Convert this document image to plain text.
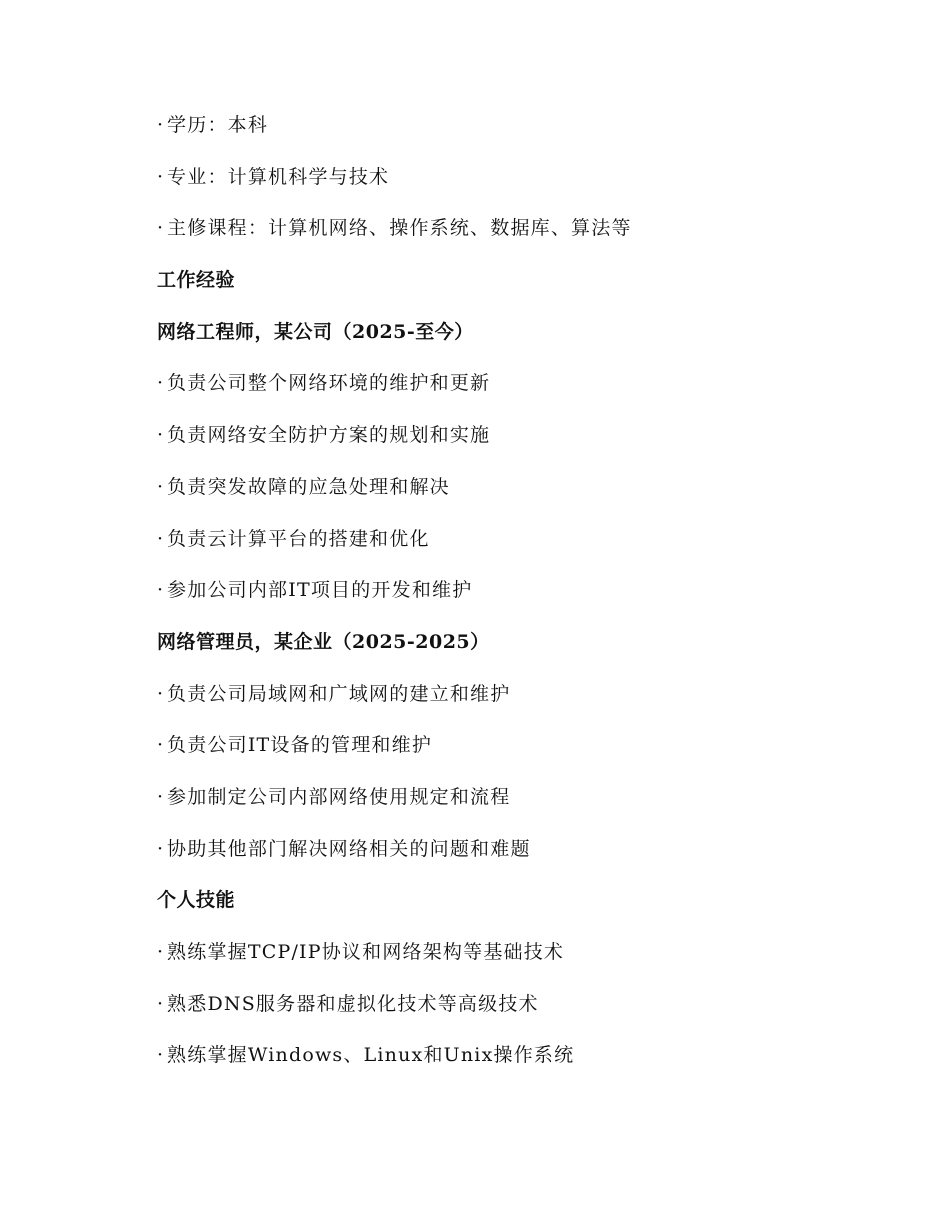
· 学历：本科
· 专业：计算机科学与技术
· 主修课程：计算机网络、操作系统、数据库、算法等
工作经验
网络工程师，某公司（2025-至今）
· 负责公司整个网络环境的维护和更新
· 负责网络安全防护方案的规划和实施
· 负责突发故障的应急处理和解决
· 负责云计算平台的搭建和优化
· 参加公司内部IT项目的开发和维护
网络管理员，某企业（2025-2025）
· 负责公司局域网和广域网的建立和维护
· 负责公司IT设备的管理和维护
· 参加制定公司内部网络使用规定和流程
· 协助其他部门解决网络相关的问题和难题
个人技能
· 熟练掌握TCP/IP协议和网络架构等基础技术
· 熟悉DNS服务器和虚拟化技术等高级技术
· 熟练掌握Windows、Linux和Unix操作系统
